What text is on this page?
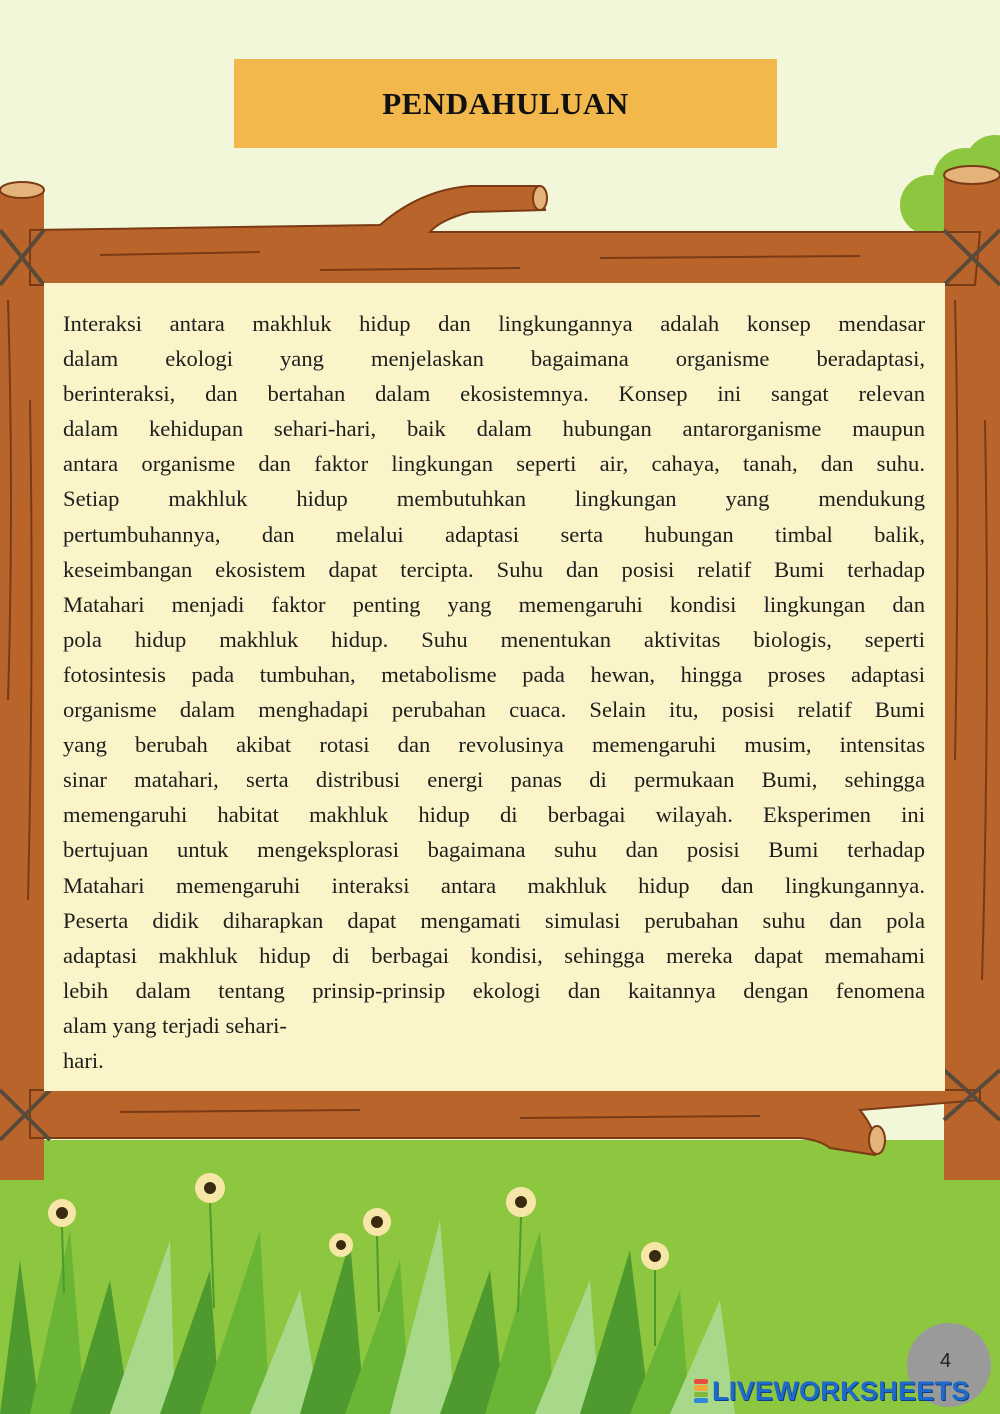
PENDAHULUAN
Interaksi antara makhluk hidup dan lingkungannya adalah konsep mendasar
dalam ekologi yang menjelaskan bagaimana organisme beradaptasi,
berinteraksi, dan bertahan dalam ekosistemnya. Konsep ini sangat relevan
dalam kehidupan sehari-hari, baik dalam hubungan antarorganisme maupun
antara organisme dan faktor lingkungan seperti air, cahaya, tanah, dan suhu.
Setiap makhluk hidup membutuhkan lingkungan yang mendukung
pertumbuhannya, dan melalui adaptasi serta hubungan timbal balik,
keseimbangan ekosistem dapat tercipta. Suhu dan posisi relatif Bumi terhadap
Matahari menjadi faktor penting yang memengaruhi kondisi lingkungan dan
pola hidup makhluk hidup. Suhu menentukan aktivitas biologis, seperti
fotosintesis pada tumbuhan, metabolisme pada hewan, hingga proses adaptasi
organisme dalam menghadapi perubahan cuaca. Selain itu, posisi relatif Bumi
yang berubah akibat rotasi dan revolusinya memengaruhi musim, intensitas
sinar matahari, serta distribusi energi panas di permukaan Bumi, sehingga
memengaruhi habitat makhluk hidup di berbagai wilayah. Eksperimen ini
bertujuan untuk mengeksplorasi bagaimana suhu dan posisi Bumi terhadap
Matahari memengaruhi interaksi antara makhluk hidup dan lingkungannya.
Peserta didik diharapkan dapat mengamati simulasi perubahan suhu dan pola
adaptasi makhluk hidup di berbagai kondisi, sehingga mereka dapat memahami
lebih dalam tentang prinsip-prinsip ekologi dan kaitannya dengan fenomena
alam yang terjadi sehari-
hari.
4
LIVEWORKSHEETS
